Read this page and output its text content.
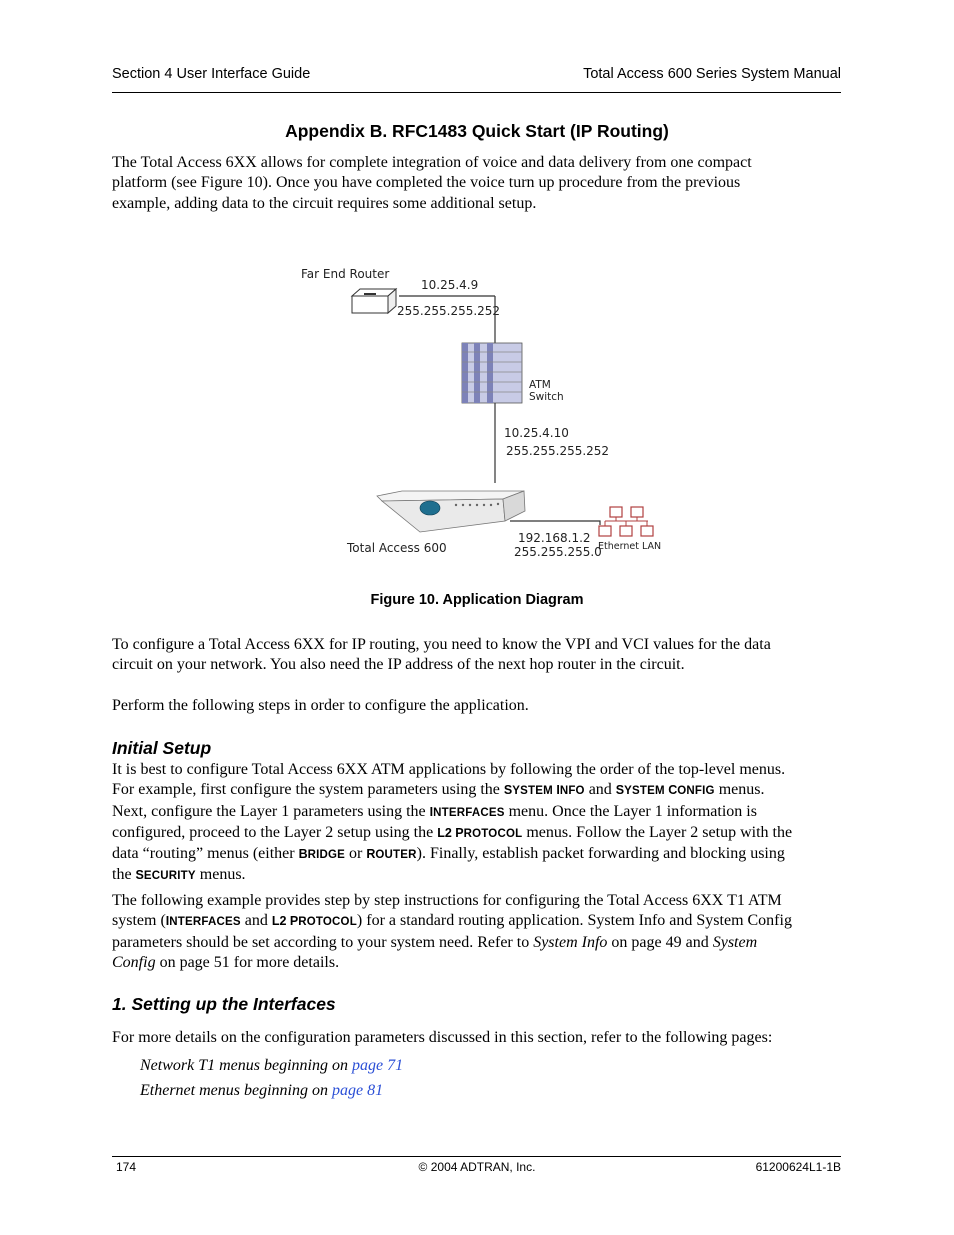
Section 4 User Interface Guide	Total Access 600 Series System Manual
Appendix B. RFC1483 Quick Start (IP Routing)
The Total Access 6XX allows for complete integration of voice and data delivery from one compact
platform (see Figure 10). Once you have completed the voice turn up procedure from the previous
example, adding data to the circuit requires some additional setup.
Far End Router
10.25.4.9
255.255.255.252
ATM
Switch
10.25.4.10
255.255.255.252
Total Access 600
192.168.1.2
255.255.255.0
Ethernet LAN
Figure 10. Application Diagram
To configure a Total Access 6XX for IP routing, you need to know the VPI and VCI values for the data
circuit on your network. You also need the IP address of the next hop router in the circuit.
Perform the following steps in order to configure the application.
Initial Setup
It is best to configure Total Access 6XX ATM applications by following the order of the top-level menus.
For example, first configure the system parameters using the SYSTEM INFO and SYSTEM CONFIG menus.
Next, configure the Layer 1 parameters using the INTERFACES menu. Once the Layer 1 information is
configured, proceed to the Layer 2 setup using the L2 PROTOCOL menus. Follow the Layer 2 setup with the
data “routing” menus (either BRIDGE or ROUTER). Finally, establish packet forwarding and blocking using
the SECURITY menus.
The following example provides step by step instructions for configuring the Total Access 6XX T1 ATM
system (INTERFACES and L2 PROTOCOL) for a standard routing application. System Info and System Config
parameters should be set according to your system need. Refer to System Info on page 49 and System
Config on page 51 for more details.
1. Setting up the Interfaces
For more details on the configuration parameters discussed in this section, refer to the following pages:
Network T1 menus beginning on page 71
Ethernet menus beginning on page 81
174	© 2004 ADTRAN, Inc.	61200624L1-1B
